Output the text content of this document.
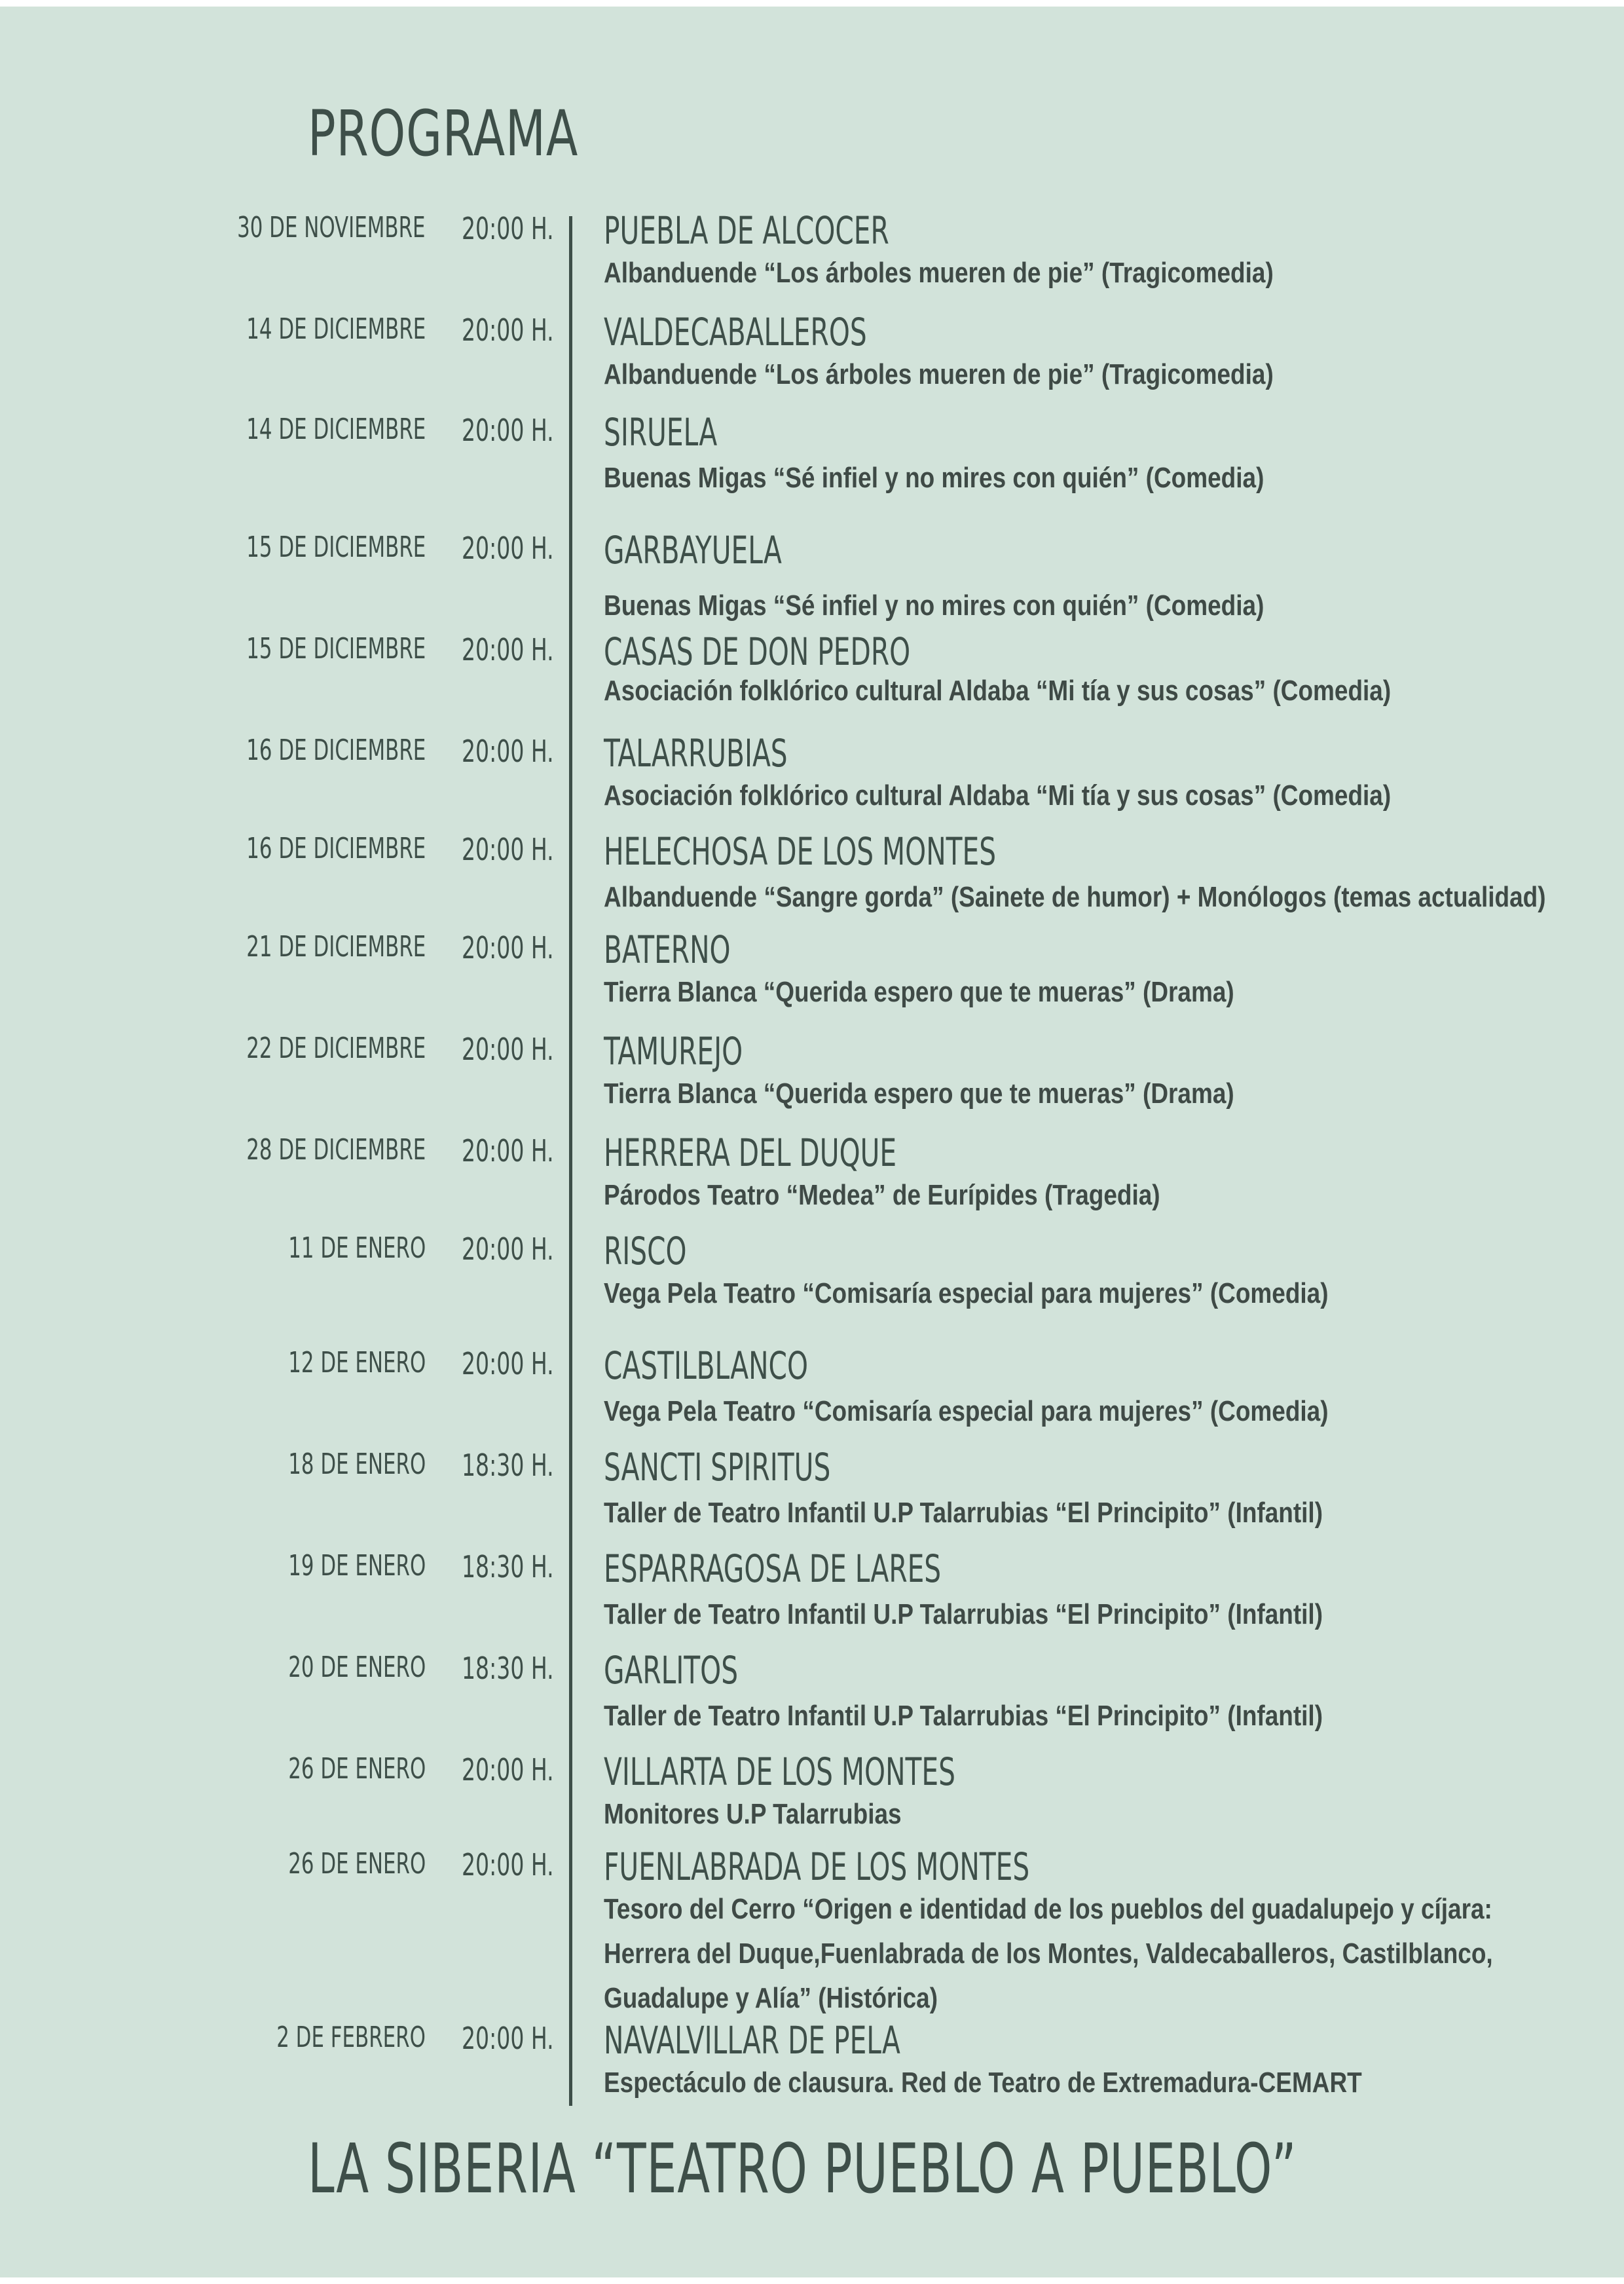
PROGRAMA
30 DE NOVIEMBRE 20:00 H. PUEBLA DE ALCOCER
Albanduende “Los árboles mueren de pie” (Tragicomedia)
14 DE DICIEMBRE 20:00 H. VALDECABALLEROS
Albanduende “Los árboles mueren de pie” (Tragicomedia)
14 DE DICIEMBRE 20:00 H. SIRUELA
Buenas Migas “Sé infiel y no mires con quién” (Comedia)
15 DE DICIEMBRE 20:00 H. GARBAYUELA
Buenas Migas “Sé infiel y no mires con quién” (Comedia)
15 DE DICIEMBRE 20:00 H. CASAS DE DON PEDRO
Asociación folklórico cultural Aldaba “Mi tía y sus cosas” (Comedia)
16 DE DICIEMBRE 20:00 H. TALARRUBIAS
Asociación folklórico cultural Aldaba “Mi tía y sus cosas” (Comedia)
16 DE DICIEMBRE 20:00 H. HELECHOSA DE LOS MONTES
Albanduende “Sangre gorda” (Sainete de humor) + Monólogos (temas actualidad)
21 DE DICIEMBRE 20:00 H. BATERNO
Tierra Blanca “Querida espero que te mueras” (Drama)
22 DE DICIEMBRE 20:00 H. TAMUREJO
Tierra Blanca “Querida espero que te mueras” (Drama)
28 DE DICIEMBRE 20:00 H. HERRERA DEL DUQUE
Párodos Teatro “Medea” de Eurípides (Tragedia)
11 DE ENERO 20:00 H. RISCO
Vega Pela Teatro “Comisaría especial para mujeres” (Comedia)
12 DE ENERO 20:00 H. CASTILBLANCO
Vega Pela Teatro “Comisaría especial para mujeres” (Comedia)
18 DE ENERO 18:30 H. SANCTI SPIRITUS
Taller de Teatro Infantil U.P Talarrubias “El Principito” (Infantil)
19 DE ENERO 18:30 H. ESPARRAGOSA DE LARES
Taller de Teatro Infantil U.P Talarrubias “El Principito” (Infantil)
20 DE ENERO 18:30 H. GARLITOS
Taller de Teatro Infantil U.P Talarrubias “El Principito” (Infantil)
26 DE ENERO 20:00 H. VILLARTA DE LOS MONTES
Monitores U.P Talarrubias
26 DE ENERO 20:00 H. FUENLABRADA DE LOS MONTES
Tesoro del Cerro “Origen e identidad de los pueblos del guadalupejo y cíjara:
Herrera del Duque,Fuenlabrada de los Montes, Valdecaballeros, Castilblanco,
Guadalupe y Alía” (Histórica)
2 DE FEBRERO 20:00 H. NAVALVILLAR DE PELA
Espectáculo de clausura. Red de Teatro de Extremadura-CEMART
LA SIBERIA “TEATRO PUEBLO A PUEBLO”
